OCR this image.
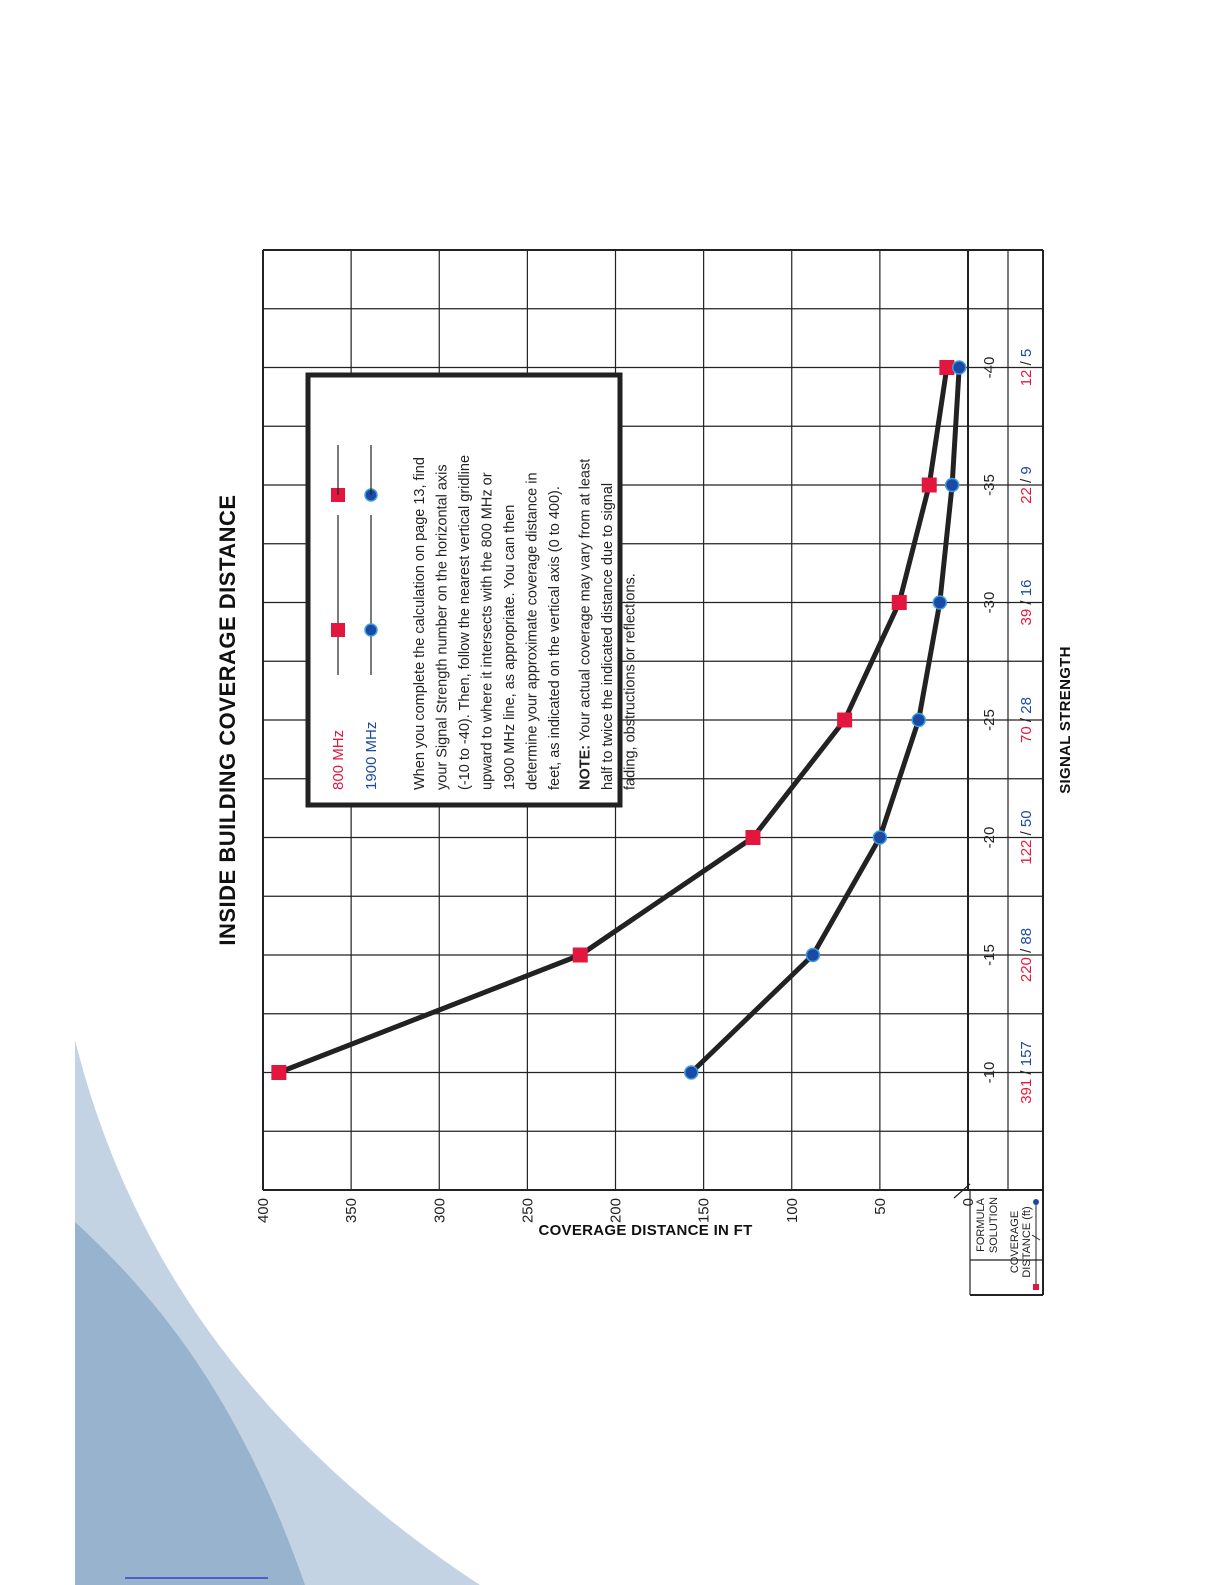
800 MHz 1900 MHz When you complete the calculation on page 13, find your Signal Strength number on the horizontal axis (-10 to -40). Then, follow the nearest vertical gridline upward to where it intersects with the 800 MHz or 1900 MHz line, as appropriate. You can then determine your approximate coverage distance in feet, as indicated on the vertical axis (0 to 400). NOTE: Your actual coverage may vary from at least half to twice the indicated distance due to signal fading, obstructions or reflections.
0
50
100
150
200
250
300
350
400
-10
391 / 157
-15
220 / 88
-20
122 / 50
-25
70 / 28
-30
39 / 16
-35 22 / 9
-40 12 / 5
FORMULA SOLUTION COVERAGE DISTANCE (ft)
INSIDE BUILDING COVERAGE DISTANCE	SIGNAL STRENGTH
COVERAGE DISTANCE IN FT
